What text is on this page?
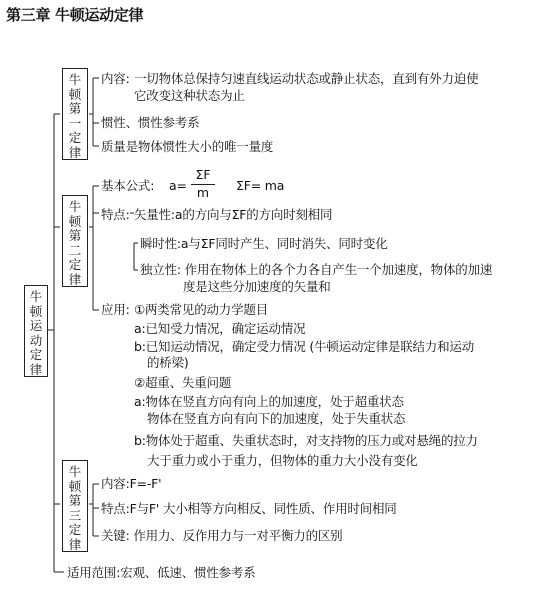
第三章 牛顿运动定律
牛
顿
运
动
定
律
牛
顿
第
一
定
律
内容: 一切物体总保持匀速直线运动状态或静止状态，直到有外力迫使
它改变这种状态为止
惯性、惯性参考系
质量是物体惯性大小的唯一量度
牛
顿
第
二
定
律
基本公式: a=
ΣF
m	ΣF= ma
特点: 矢量性:a的方向与ΣF的方向时刻相同
瞬时性:a与ΣF同时产生、同时消失、同时变化
独立性: 作用在物体上的各个力各自产生一个加速度，物体的加速
度是这些分加速度的矢量和
应用: ①两类常见的动力学题目
a:已知受力情况，确定运动情况
b:已知运动情况，确定受力情况 (牛顿运动定律是联结力和运动
的桥梁)
②超重、失重问题
a:物体在竖直方向有向上的加速度，处于超重状态
物体在竖直方向有向下的加速度，处于失重状态
b:物体处于超重、失重状态时，对支持物的压力或对悬绳的拉力
大于重力或小于重力，但物体的重力大小没有变化
牛
顿
第
三
定
律
内容:F=-F'
特点:F与F' 大小相等方向相反、同性质、作用时间相同
关键: 作用力、反作用力与一对平衡力的区别
适用范围:宏观、低速、惯性参考系
